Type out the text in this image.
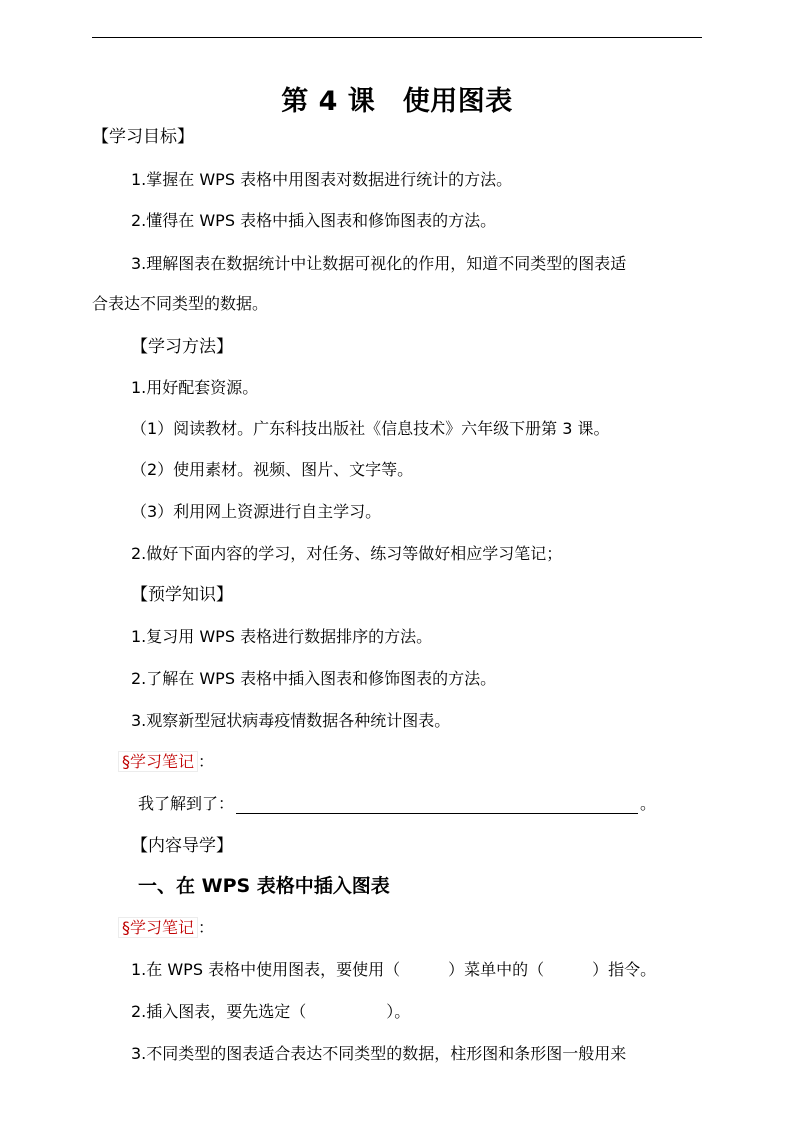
第 4 课　使用图表
【学习目标】
1.掌握在 WPS 表格中用图表对数据进行统计的方法。
2.懂得在 WPS 表格中插入图表和修饰图表的方法。
3.理解图表在数据统计中让数据可视化的作用，知道不同类型的图表适
合表达不同类型的数据。
【学习方法】
1.用好配套资源。
（1）阅读教材。广东科技出版社《信息技术》六年级下册第 3 课。
（2）使用素材。视频、图片、文字等。
（3）利用网上资源进行自主学习。
2.做好下面内容的学习，对任务、练习等做好相应学习笔记；
【预学知识】
1.复习用 WPS 表格进行数据排序的方法。
2.了解在 WPS 表格中插入图表和修饰图表的方法。
3.观察新型冠状病毒疫情数据各种统计图表。
§学习笔记 ：
我了解到了：	。
【内容导学】
一、在 WPS 表格中插入图表
§学习笔记 ：
1.在 WPS 表格中使用图表，要使用（　　　）菜单中的（　　　）指令。
2.插入图表，要先选定（　　　　　）。
3.不同类型的图表适合表达不同类型的数据，柱形图和条形图一般用来
